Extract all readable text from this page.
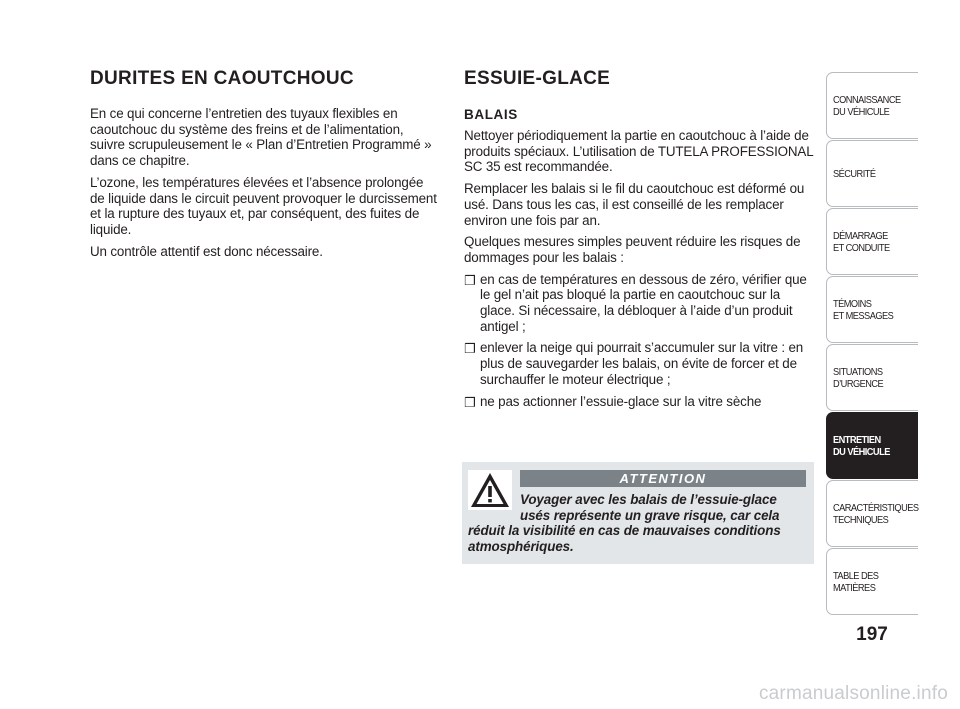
DURITES EN CAOUTCHOUC

En ce qui concerne l’entretien des tuyaux flexibles en caoutchouc du système des freins et de l’alimentation, suivre scrupuleusement le « Plan d’Entretien Programmé » dans ce chapitre.

L’ozone, les températures élevées et l’absence prolongée de liquide dans le circuit peuvent provoquer le durcissement et la rupture des tuyaux et, par conséquent, des fuites de liquide.

Un contrôle attentif est donc nécessaire.

ESSUIE-GLACE
BALAIS

Nettoyer périodiquement la partie en caoutchouc à l’aide de produits spéciaux. L’utilisation de TUTELA PROFESSIONAL SC 35 est recommandée.

Remplacer les balais si le fil du caoutchouc est déformé ou usé. Dans tous les cas, il est conseillé de les remplacer environ une fois par an.

Quelques mesures simples peuvent réduire les risques de dommages pour les balais :

❒ en cas de températures en dessous de zéro, vérifier que le gel n’ait pas bloqué la partie en caoutchouc sur la glace. Si nécessaire, la débloquer à l’aide d’un produit antigel ;
❒ enlever la neige qui pourrait s’accumuler sur la vitre : en plus de sauvegarder les balais, on évite de forcer et de surchauffer le moteur électrique ;
❒ ne pas actionner l’essuie-glace sur la vitre sèche
ATTENTION

Voyager avec les balais de l’essuie-glace usés représente un grave risque, car cela réduit la visibilité en cas de mauvaises conditions atmosphériques.

CONNAISSANCE
DU VÉHICULE
SÉCURITÉ
DÉMARRAGE
ET CONDUITE
TÉMOINS
ET MESSAGES
SITUATIONS
D’URGENCE
ENTRETIEN
DU VÉHICULE
CARACTÉRISTIQUES
TECHNIQUES
TABLE DES
MATIÈRES
197
carmanualsonline.info
